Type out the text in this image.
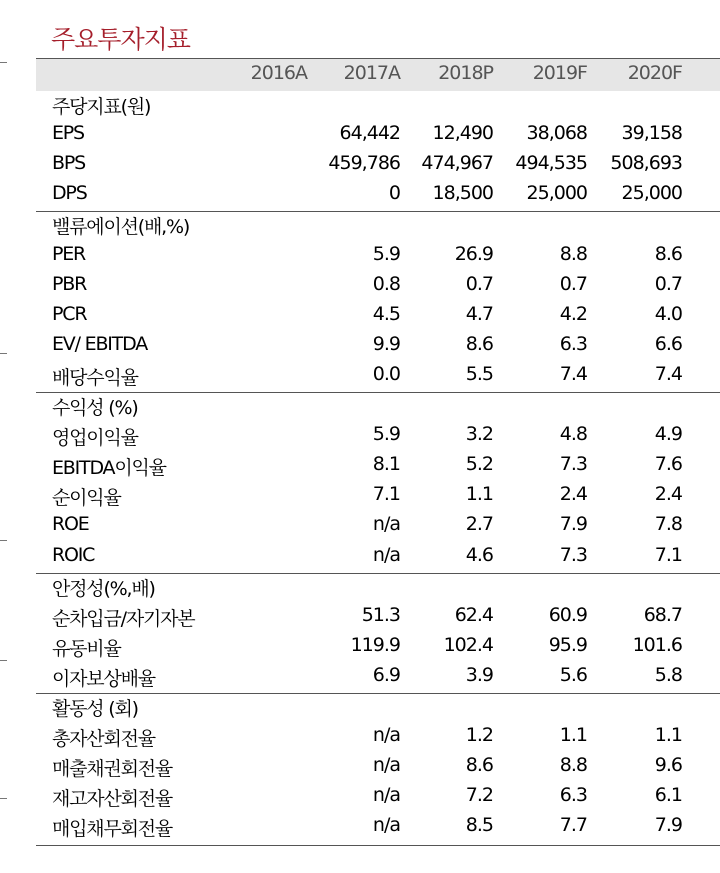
주요투자지표
2016A 2017A 2018P 2019F 2020F
주당지표(원)
EPS	64,442 12,490 38,068 39,158
BPS	459,786 474,967 494,535 508,693
DPS	0 18,500 25,000 25,000
밸류에이션(배,%)
PER	5.9	26.9	8.8	8.6
PBR	0.8	0.7	0.7	0.7
PCR	4.5	4.7	4.2	4.0
EV/ EBITDA	9.9	8.6	6.3	6.6
배당수익율	0.0	5.5	7.4	7.4
수익성 (%)
영업이익율	5.9	3.2	4.8	4.9
EBITDA이익율	8.1	5.2	7.3	7.6
순이익율	7.1	1.1	2.4	2.4
ROE	n/a	2.7	7.9	7.8
ROIC	n/a	4.6	7.3	7.1
안정성(%,배)
순차입금/자기자본	51.3	62.4	60.9	68.7
유동비율	119.9 102.4	95.9 101.6
이자보상배율	6.9	3.9	5.6	5.8
활동성 (회)
총자산회전율	n/a	1.2	1.1	1.1
매출채권회전율	n/a	8.6	8.8	9.6
재고자산회전율	n/a	7.2	6.3	6.1
매입채무회전율	n/a	8.5	7.7	7.9
